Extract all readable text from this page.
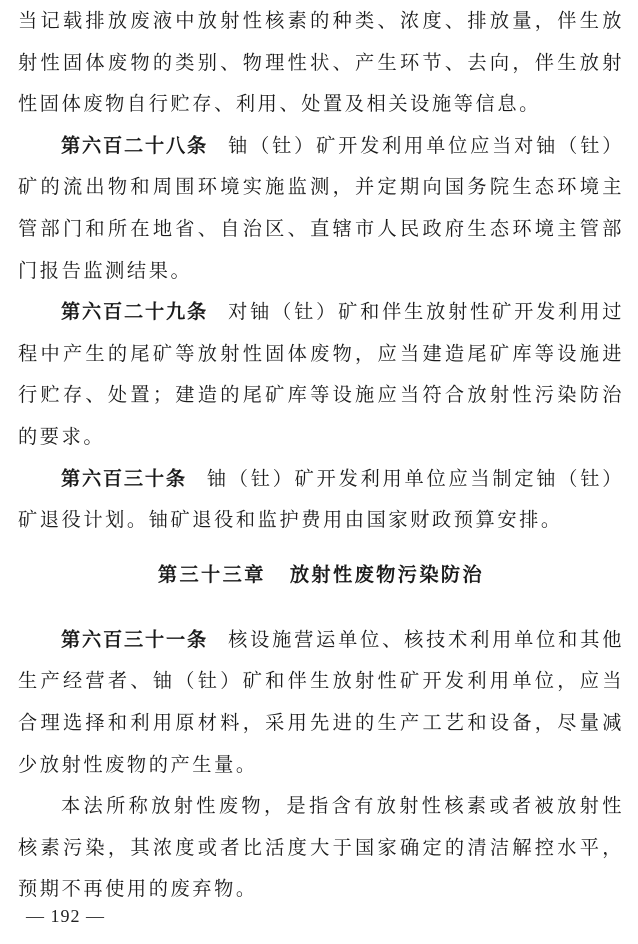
当记载排放废液中放射性核素的种类、浓度、排放量，伴生放射性固体废物的类别、物理性状、产生环节、去向，伴生放射性固体废物自行贮存、利用、处置及相关设施等信息。

第六百二十八条 铀（钍）矿开发利用单位应当对铀（钍）矿的流出物和周围环境实施监测，并定期向国务院生态环境主管部门和所在地省、自治区、直辖市人民政府生态环境主管部门报告监测结果。

第六百二十九条 对铀（钍）矿和伴生放射性矿开发利用过程中产生的尾矿等放射性固体废物，应当建造尾矿库等设施进行贮存、处置；建造的尾矿库等设施应当符合放射性污染防治的要求。

第六百三十条 铀（钍）矿开发利用单位应当制定铀（钍）矿退役计划。铀矿退役和监护费用由国家财政预算安排。

第三十三章 放射性废物污染防治

第六百三十一条 核设施营运单位、核技术利用单位和其他生产经营者、铀（钍）矿和伴生放射性矿开发利用单位，应当合理选择和利用原材料，采用先进的生产工艺和设备，尽量减少放射性废物的产生量。

本法所称放射性废物，是指含有放射性核素或者被放射性核素污染，其浓度或者比活度大于国家确定的清洁解控水平，预期不再使用的废弃物。

— 192 —
